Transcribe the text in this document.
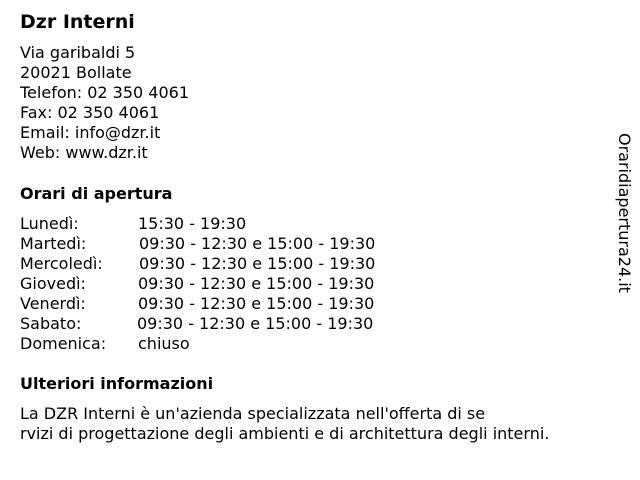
Dzr Interni
Via garibaldi 5
20021 Bollate
Telefon: 02 350 4061
Fax: 02 350 4061
Email: info@dzr.it
Web: www.dzr.it
Orari di apertura
Lunedì:	15:30 - 19:30
Martedì:	09:30 - 12:30 e 15:00 - 19:30
Mercoledì: 09:30 - 12:30 e 15:00 - 19:30
Giovedì:	09:30 - 12:30 e 15:00 - 19:30
Venerdì:	09:30 - 12:30 e 15:00 - 19:30
Sabato:	09:30 - 12:30 e 15:00 - 19:30
Domenica: chiuso
Ulteriori informazioni
La DZR Interni è un'azienda specializzata nell'offerta di se
rvizi di progettazione degli ambienti e di architettura degli interni.
Oraridiapertura24.it
